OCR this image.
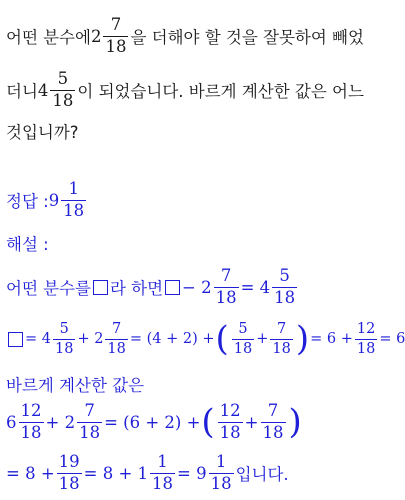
어떤 분수에 $2 \frac{7}{18}$ 을 더해야 할 것을 잘못하여 빼었
더니 $4 \frac{5}{18}$ 이 되었습니다. 바르게 계산한 값은 어느
것입니까?
정답 : $9 \frac{1}{18}$
해설 :
어떤 분수를 라 하면 − $2 \frac{7}{18} = 4 \frac{5}{18}$
= $4 \frac{5}{18} + 2 \frac{7}{18} = (4 + 2)$ + ( $\frac{5}{18} + \frac{7}{18}$ ) = $6 + \frac{12}{18} = 6$
바르게 계산한 값은
$6 \frac{12}{18} + 2 \frac{7}{18} = (6 + 2)$ + ( $\frac{12}{18} + \frac{7}{18}$ )
= $8 + \frac{19}{18} = 8 + 1 \frac{1}{18} = 9 \frac{1}{18}$ 입니다.
